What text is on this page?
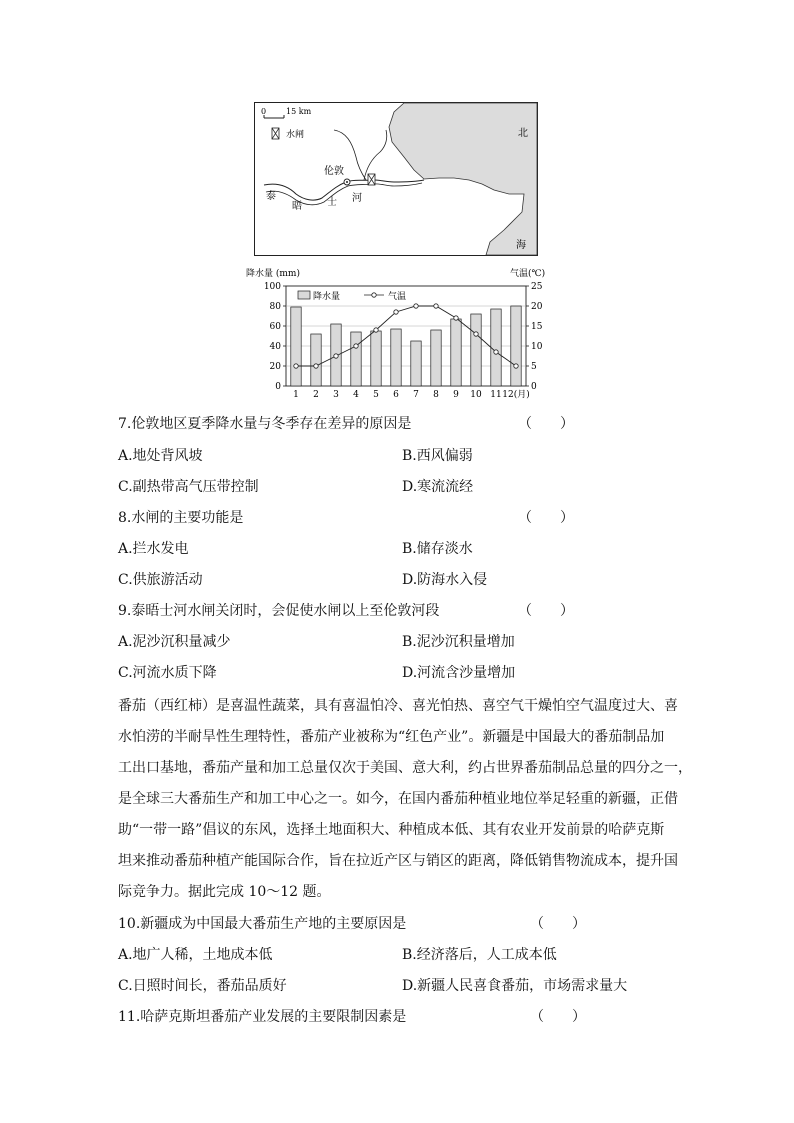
0 15 km
水闸
伦敦
泰
晤	士 河
北
海
降水量 (mm)	气温(℃)
0
20
40
60
80
100
0
5
10
15
20
25
1 2 3 4 5 6 7 8 9 10 11 12(月)
降水量	气温
7.伦敦地区夏季降水量与冬季存在差异的原因是	（　　）
A.地处背风坡	B.西风偏弱
C.副热带高气压带控制	D.寒流流经
8.水闸的主要功能是	（　　）
A.拦水发电	B.储存淡水
C.供旅游活动	D.防海水入侵
9.泰晤士河水闸关闭时，会促使水闸以上至伦敦河段	（　　）
A.泥沙沉积量减少	B.泥沙沉积量增加
C.河流水质下降	D.河流含沙量增加
番茄（西红柿）是喜温性蔬菜，具有喜温怕冷、喜光怕热、喜空气干燥怕空气温度过大、喜
水怕涝的半耐旱性生理特性，番茄产业被称为“红色产业”。新疆是中国最大的番茄制品加
工出口基地，番茄产量和加工总量仅次于美国、意大利，约占世界番茄制品总量的四分之一，
是全球三大番茄生产和加工中心之一。如今，在国内番茄种植业地位举足轻重的新疆，正借
助“一带一路”倡议的东风，选择土地面积大、种植成本低、其有农业开发前景的哈萨克斯
坦来推动番茄种植产能国际合作，旨在拉近产区与销区的距离，降低销售物流成本，提升国
际竞争力。据此完成 10～12 题。
10.新疆成为中国最大番茄生产地的主要原因是	（　　）
A.地广人稀，土地成本低	B.经济落后，人工成本低
C.日照时间长，番茄品质好	D.新疆人民喜食番茄，市场需求量大
11.哈萨克斯坦番茄产业发展的主要限制因素是	（　　）
